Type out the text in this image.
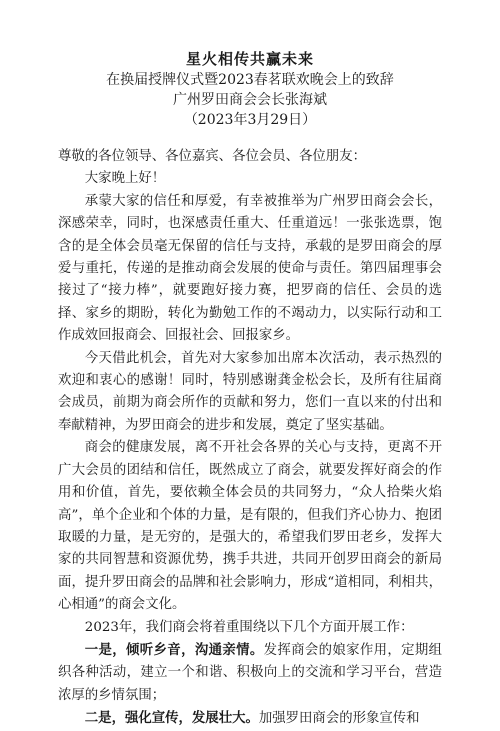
星火相传共赢未来
在换届授牌仪式暨2023春茗联欢晚会上的致辞
广州罗田商会会长张海斌
（2023年3月29日）

尊敬的各位领导、各位嘉宾、各位会员、各位朋友：

大家晚上好！

承蒙大家的信任和厚爱，有幸被推举为广州罗田商会会长，深感荣幸，同时，也深感责任重大、任重道远！一张张选票，饱含的是全体会员毫无保留的信任与支持，承载的是罗田商会的厚爱与重托，传递的是推动商会发展的使命与责任。第四届理事会接过了“接力棒”，就要跑好接力赛，把罗商的信任、会员的选择、家乡的期盼，转化为勤勉工作的不竭动力，以实际行动和工作成效回报商会、回报社会、回报家乡。

今天借此机会，首先对大家参加出席本次活动，表示热烈的欢迎和衷心的感谢！同时，特别感谢龚金松会长，及所有往届商会成员，前期为商会所作的贡献和努力，您们一直以来的付出和奉献精神，为罗田商会的进步和发展，奠定了坚实基础。

商会的健康发展，离不开社会各界的关心与支持，更离不开广大会员的团结和信任，既然成立了商会，就要发挥好商会的作用和价值，首先，要依赖全体会员的共同努力，“众人拾柴火焰高”，单个企业和个体的力量，是有限的，但我们齐心协力、抱团取暖的力量，是无穷的，是强大的，希望我们罗田老乡，发挥大家的共同智慧和资源优势，携手共进，共同开创罗田商会的新局面，提升罗田商会的品牌和社会影响力，形成“道相同，利相共，心相通”的商会文化。

2023年，我们商会将着重围绕以下几个方面开展工作：

一是，倾听乡音，沟通亲情。发挥商会的娘家作用，定期组织各种活动，建立一个和谐、积极向上的交流和学习平台，营造浓厚的乡情氛围；

二是，强化宣传，发展壮大。加强罗田商会的形象宣传和
